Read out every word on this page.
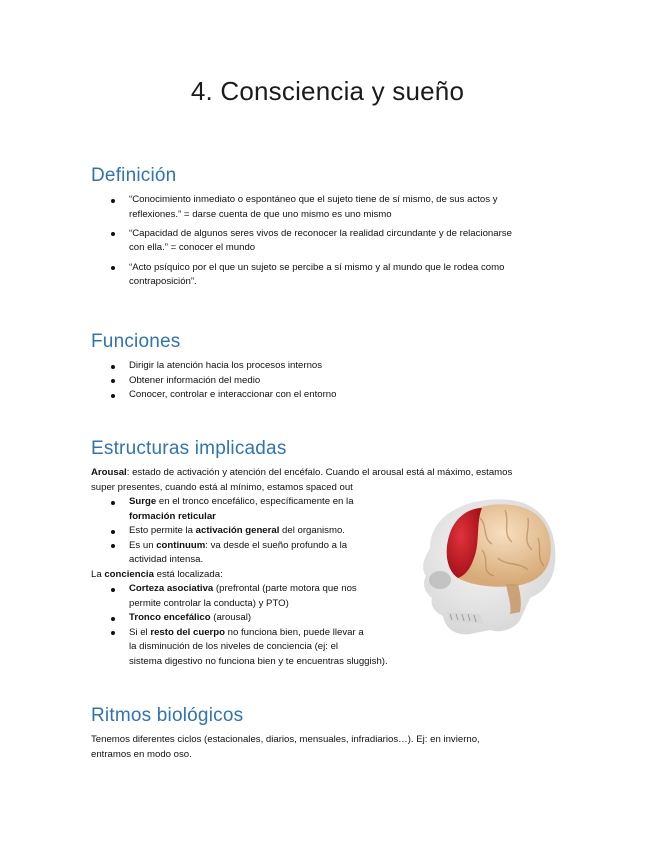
4. Consciencia y sueño
Definición
“Conocimiento inmediato o espontáneo que el sujeto tiene de sí mismo, de sus actos y
reflexiones.” = darse cuenta de que uno mismo es uno mismo
“Capacidad de algunos seres vivos de reconocer la realidad circundante y de relacionarse
con ella.” = conocer el mundo
“Acto psíquico por el que un sujeto se percibe a sí mismo y al mundo que le rodea como
contraposición”.
Funciones
Dirigir la atención hacia los procesos internos
Obtener información del medio
Conocer, controlar e interaccionar con el entorno
Estructuras implicadas
Arousal: estado de activación y atención del encéfalo. Cuando el arousal está al máximo, estamos
super presentes, cuando está al mínimo, estamos spaced out
Surge en el tronco encefálico, específicamente en la
formación reticular
Esto permite la activación general del organismo.
Es un continuum: va desde el sueño profundo a la
actividad intensa.
La conciencia está localizada:
Corteza asociativa (prefrontal (parte motora que nos
permite controlar la conducta) y PTO)
Tronco encefálico (arousal)
Si el resto del cuerpo no funciona bien, puede llevar a
la disminución de los niveles de conciencia (ej: el
sistema digestivo no funciona bien y te encuentras sluggish).
Ritmos biológicos
Tenemos diferentes ciclos (estacionales, diarios, mensuales, infradiarios…). Ej: en invierno,
entramos en modo oso.
